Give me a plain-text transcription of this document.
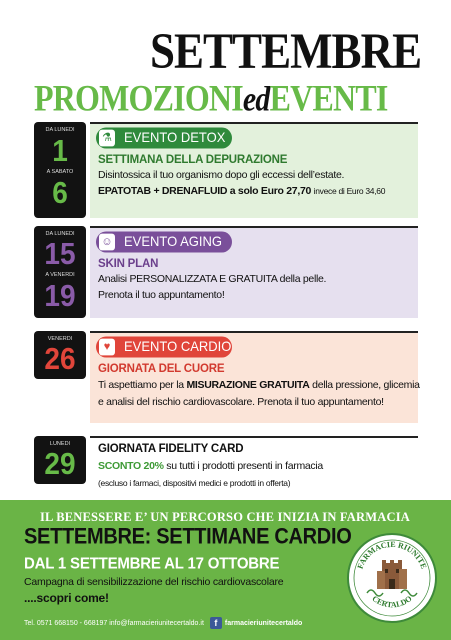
SETTEMBRE
PROMOZIONIedEVENTI
DA LUNEDI
1
A SABATO
6
⚗ EVENTO DETOX
SETTIMANA DELLA DEPURAZIONE
Disintossica il tuo organismo dopo gli eccessi dell’estate.
EPATOTAB + DRENAFLUID a solo Euro 27,70 invece di Euro 34,60
DA LUNEDI
15
A VENERDI
19
☺ EVENTO AGING
SKIN PLAN
Analisi PERSONALIZZATA E GRATUITA della pelle.
Prenota il tuo appuntamento!
VENERDI
26	♥	EVENTO CARDIO
GIORNATA DEL CUORE
Ti aspettiamo per la MISURAZIONE GRATUITA della pressione, glicemia
e analisi del rischio cardiovascolare. Prenota il tuo appuntamento!
LUNEDI
29	GIORNATA FIDELITY CARD
SCONTO 20% su tutti i prodotti presenti in farmacia
(escluso i farmaci, dispositivi medici e prodotti in offerta)
IL BENESSERE E’ UN PERCORSO CHE INIZIA IN FARMACIA
SETTEMBRE: SETTIMANE CARDIO
DAL 1 SETTEMBRE AL 17 OTTOBRE
Campagna di sensibilizzazione del rischio cardiovascolare
....scopri come!
Tel. 0571 668150 - 668197 info@farmacieriunitecertaldo.it f farmacieriunitecertaldo
FARMACIE RIUNITE
CERTALDO
